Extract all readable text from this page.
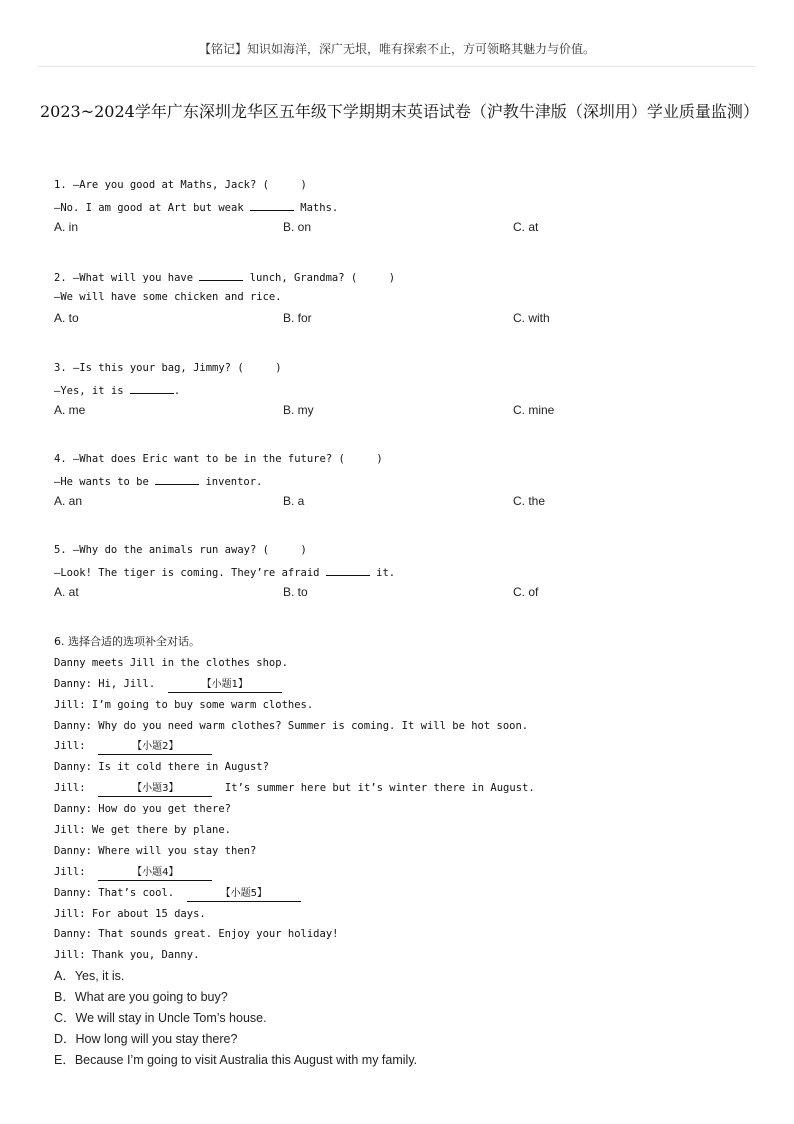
【铭记】知识如海洋，深广无垠，唯有探索不止，方可领略其魅力与价值。
2023~2024学年广东深圳龙华区五年级下学期期末英语试卷（沪教牛津版（深圳用）学业质量监测）
1. —Are you good at Maths, Jack? (     )
—No. I am good at Art but weak	Maths.
A. in	B. on	C. at
2. —What will you have	lunch, Grandma? (     )
—We will have some chicken and rice.
A. to	B. for	C. with
3. —Is this your bag, Jimmy? (     )
—Yes, it is	.
A. me	B. my	C. mine
4. —What does Eric want to be in the future? (     )
—He wants to be	inventor.
A. an	B. a	C. the
5. —Why do the animals run away? (     )
—Look! The tiger is coming. They’re afraid	it.
A. at	B. to	C. of
6. 选择合适的选项补全对话。
Danny meets Jill in the clothes shop.
Danny: Hi, Jill.	【小题1】
Jill: I’m going to buy some warm clothes.
Danny: Why do you need warm clothes? Summer is coming. It will be hot soon.
Jill:	【小题2】
Danny: Is it cold there in August?
Jill:	【小题3】	It’s summer here but it’s winter there in August.
Danny: How do you get there?
Jill: We get there by plane.
Danny: Where will you stay then?
Jill:	【小题4】
Danny: That’s cool.	【小题5】
Jill: For about 15 days.
Danny: That sounds great. Enjoy your holiday!
Jill: Thank you, Danny.
A．Yes, it is.
B．What are you going to buy?
C．We will stay in Uncle Tom’s house.
D．How long will you stay there?
E．Because I’m going to visit Australia this August with my family.
